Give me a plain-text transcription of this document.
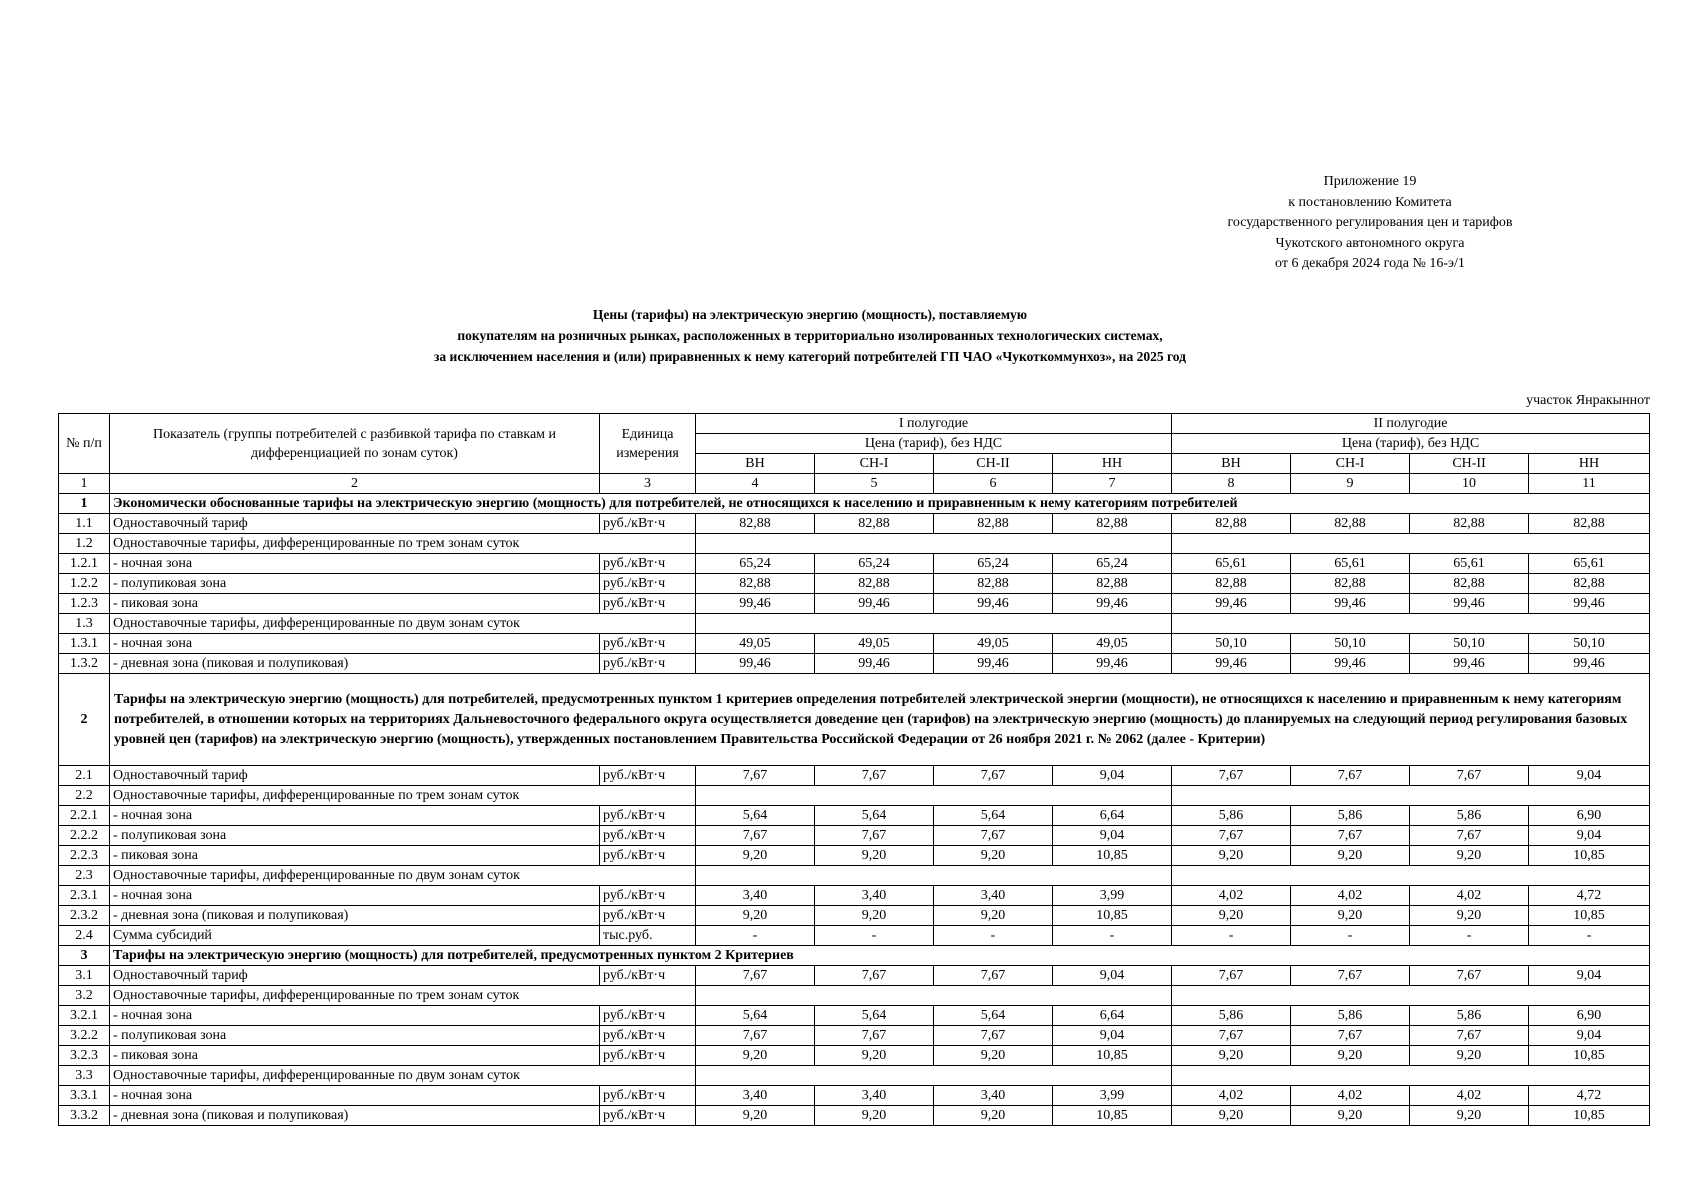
Приложение 19
к постановлению Комитета
государственного регулирования цен и тарифов
Чукотского автономного округа
от 6 декабря 2024 года № 16-э/1
Цены (тарифы) на электрическую энергию (мощность), поставляемую
покупателям на розничных рынках, расположенных в территориально изолированных технологических системах,
за исключением населения и (или) приравненных к нему категорий потребителей ГП ЧАО «Чукоткоммунхоз», на 2025 год
участок Янракыннот
№ п/п	Показатель (группы потребителей с разбивкой тарифа по ставкам и дифференциацией по зонам суток)	Единица измерения	I полугодие				II полугодие			
			Цена (тариф), без НДС				Цена (тариф), без НДС			
			ВН	СН-I	СН-II	НН	ВН	СН-I	СН-II	НН
1	2	3	4	5	6	7	8	9	10	11
1	Экономически обоснованные тарифы на электрическую энергию (мощность) для потребителей, не относящихся к населению и приравненным к нему категориям потребителей									
1.1	Одноставочный тариф	руб./кВт·ч	82,88	82,88	82,88	82,88	82,88	82,88	82,88	82,88
1.2	Одноставочные тарифы, дифференцированные по трем зонам суток									
1.2.1	- ночная зона	руб./кВт·ч	65,24	65,24	65,24	65,24	65,61	65,61	65,61	65,61
1.2.2	- полупиковая зона	руб./кВт·ч	82,88	82,88	82,88	82,88	82,88	82,88	82,88	82,88
1.2.3	- пиковая зона	руб./кВт·ч	99,46	99,46	99,46	99,46	99,46	99,46	99,46	99,46
1.3	Одноставочные тарифы, дифференцированные по двум зонам суток									
1.3.1	- ночная зона	руб./кВт·ч	49,05	49,05	49,05	49,05	50,10	50,10	50,10	50,10
1.3.2	- дневная зона (пиковая и полупиковая)	руб./кВт·ч	99,46	99,46	99,46	99,46	99,46	99,46	99,46	99,46
2	Тарифы на электрическую энергию (мощность) для потребителей, предусмотренных пунктом 1 критериев определения потребителей электрической энергии (мощности), не относящихся к населению и приравненным к нему категориям потребителей, в отношении которых на территориях Дальневосточного федерального округа осуществляется доведение цен (тарифов) на электрическую энергию (мощность) до планируемых на следующий период регулирования базовых уровней цен (тарифов) на электрическую энергию (мощность), утвержденных постановлением Правительства Российской Федерации от 26 ноября 2021 г. № 2062 (далее - Критерии)									
2.1	Одноставочный тариф	руб./кВт·ч	7,67	7,67	7,67	9,04	7,67	7,67	7,67	9,04
2.2	Одноставочные тарифы, дифференцированные по трем зонам суток									
2.2.1	- ночная зона	руб./кВт·ч	5,64	5,64	5,64	6,64	5,86	5,86	5,86	6,90
2.2.2	- полупиковая зона	руб./кВт·ч	7,67	7,67	7,67	9,04	7,67	7,67	7,67	9,04
2.2.3	- пиковая зона	руб./кВт·ч	9,20	9,20	9,20	10,85	9,20	9,20	9,20	10,85
2.3	Одноставочные тарифы, дифференцированные по двум зонам суток									
2.3.1	- ночная зона	руб./кВт·ч	3,40	3,40	3,40	3,99	4,02	4,02	4,02	4,72
2.3.2	- дневная зона (пиковая и полупиковая)	руб./кВт·ч	9,20	9,20	9,20	10,85	9,20	9,20	9,20	10,85
2.4	Сумма субсидий	тыс.руб.	-	-	-	-	-	-	-	-
3	Тарифы на электрическую энергию (мощность) для потребителей, предусмотренных пунктом 2 Критериев									
3.1	Одноставочный тариф	руб./кВт·ч	7,67	7,67	7,67	9,04	7,67	7,67	7,67	9,04
3.2	Одноставочные тарифы, дифференцированные по трем зонам суток									
3.2.1	- ночная зона	руб./кВт·ч	5,64	5,64	5,64	6,64	5,86	5,86	5,86	6,90
3.2.2	- полупиковая зона	руб./кВт·ч	7,67	7,67	7,67	9,04	7,67	7,67	7,67	9,04
3.2.3	- пиковая зона	руб./кВт·ч	9,20	9,20	9,20	10,85	9,20	9,20	9,20	10,85
3.3	Одноставочные тарифы, дифференцированные по двум зонам суток									
3.3.1	- ночная зона	руб./кВт·ч	3,40	3,40	3,40	3,99	4,02	4,02	4,02	4,72
3.3.2	- дневная зона (пиковая и полупиковая)	руб./кВт·ч	9,20	9,20	9,20	10,85	9,20	9,20	9,20	10,85
